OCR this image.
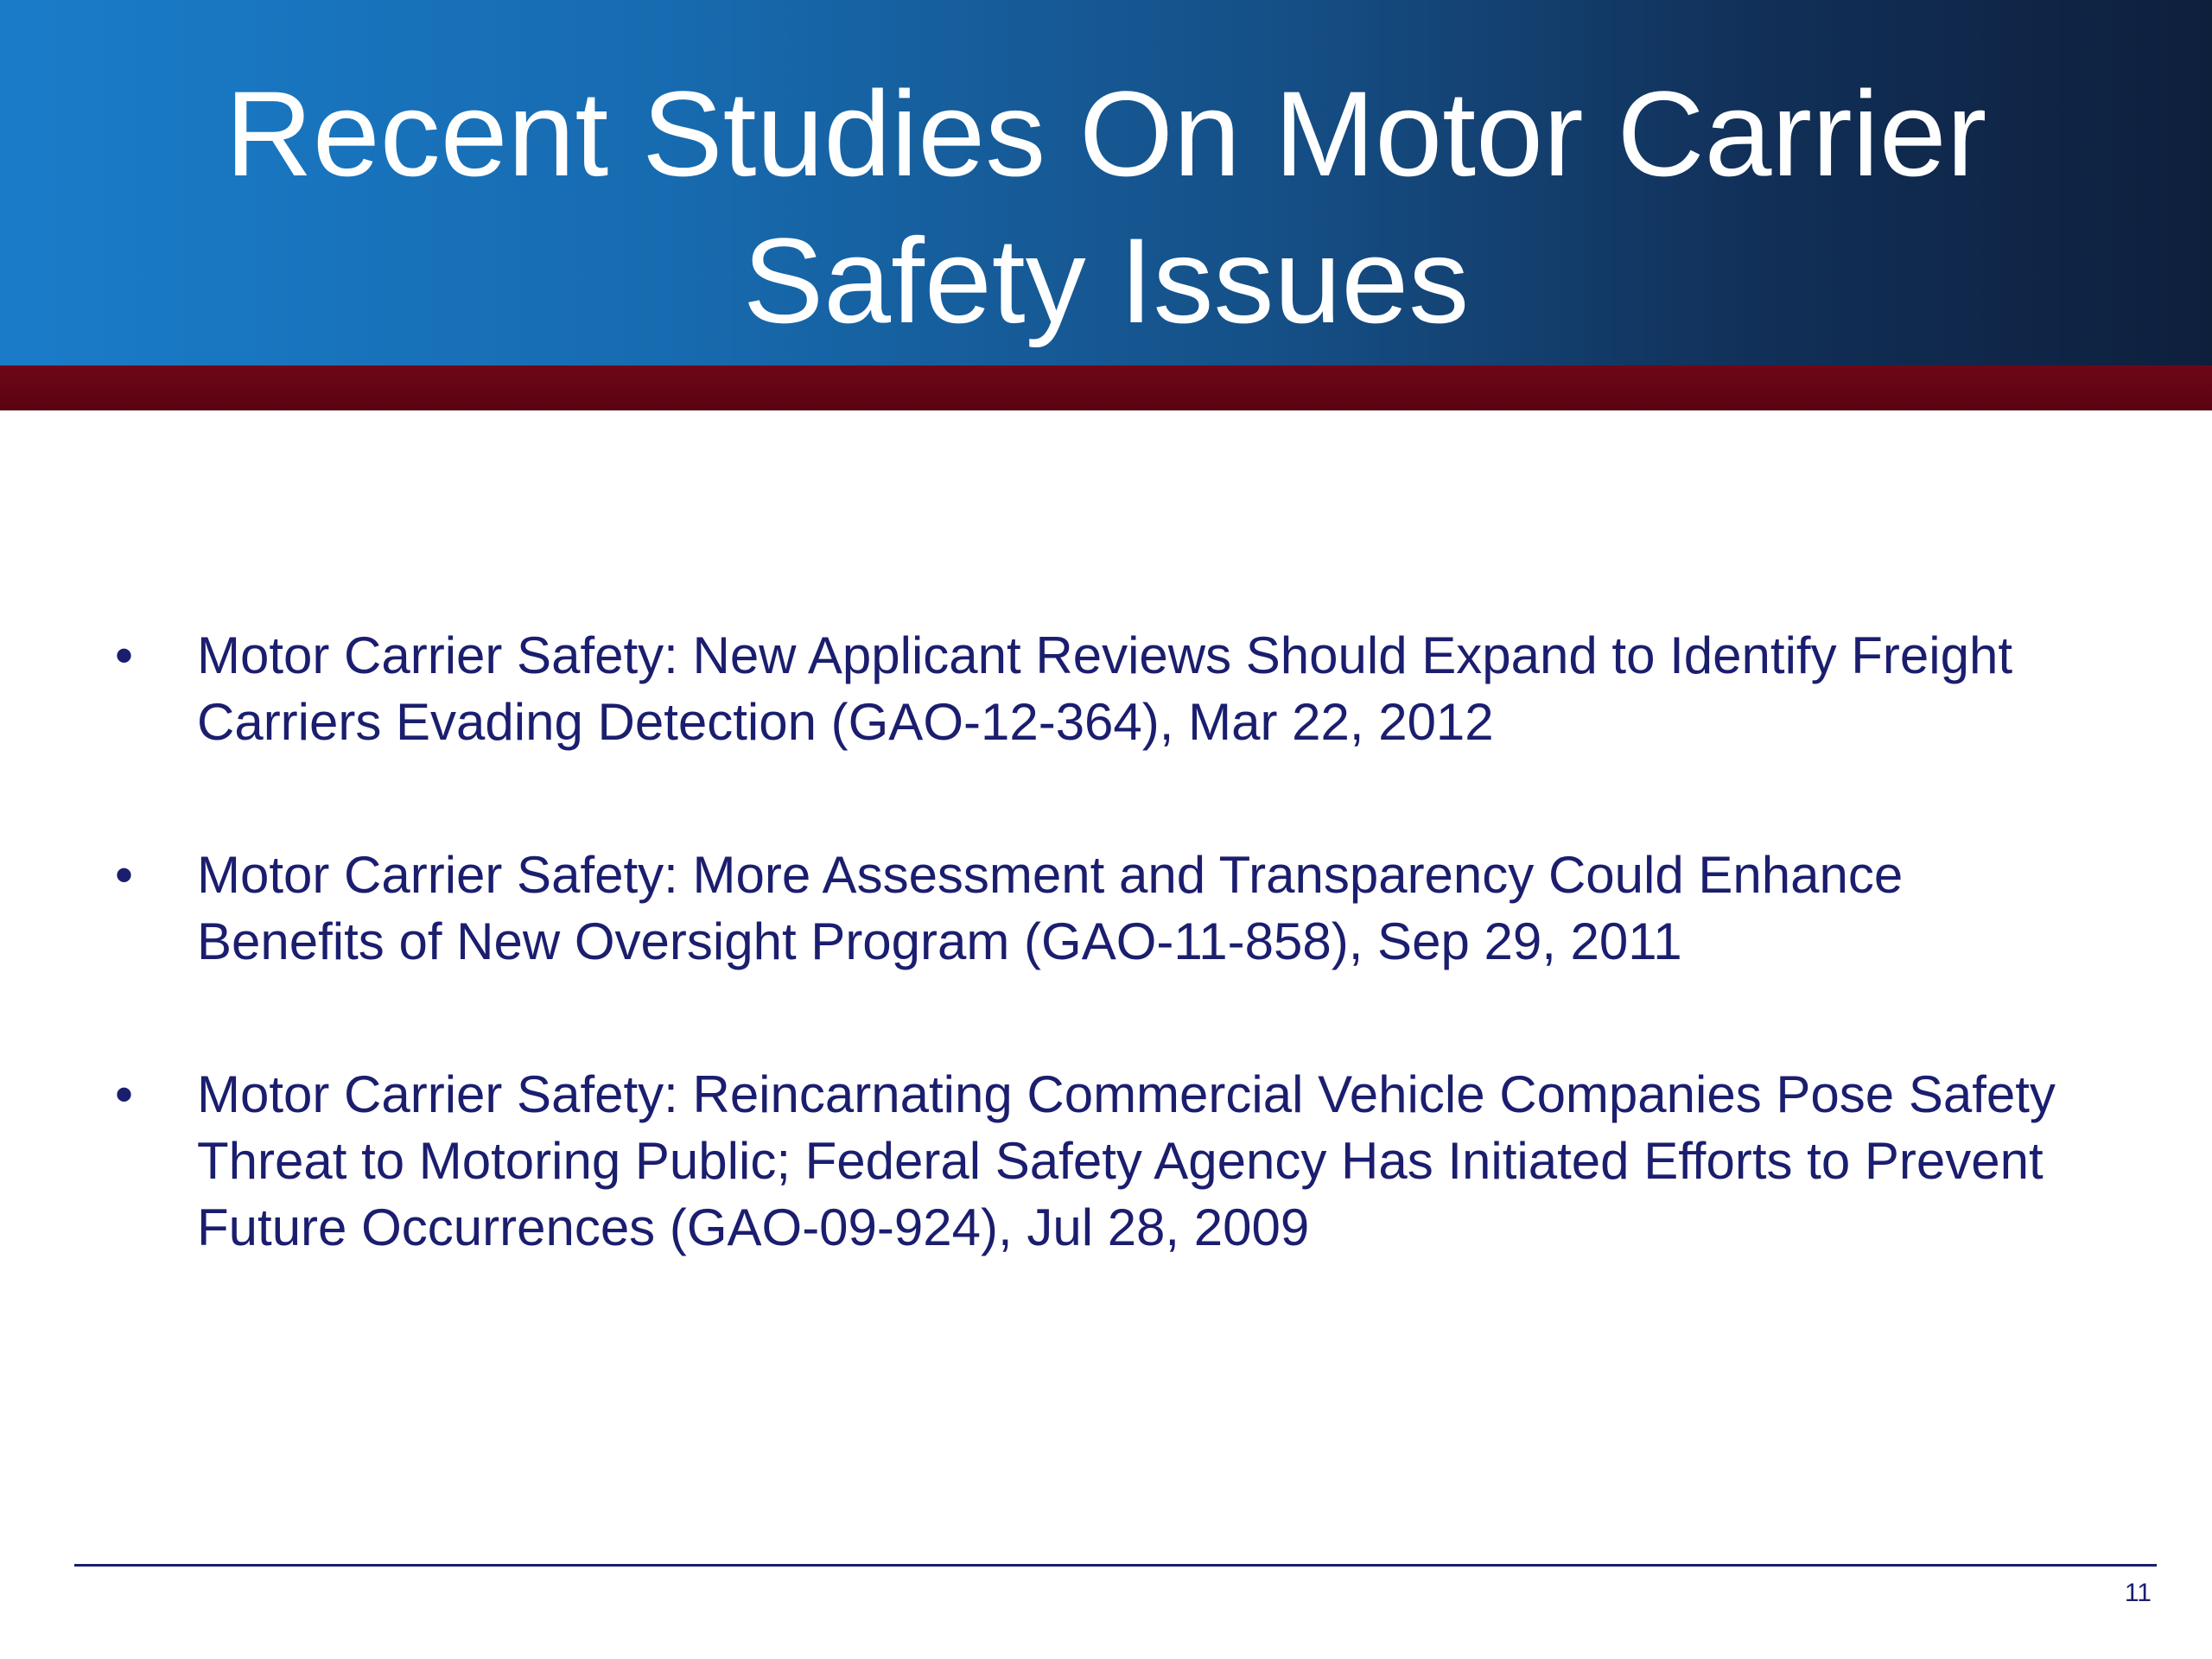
Recent Studies On Motor Carrier
Safety Issues
• Motor Carrier Safety: New Applicant Reviews Should Expand to Identify Freight Carriers Evading Detection (GAO-12-364), Mar 22, 2012
• Motor Carrier Safety: More Assessment and Transparency Could Enhance Benefits of New Oversight Program (GAO-11-858), Sep 29, 2011
• Motor Carrier Safety: Reincarnating Commercial Vehicle Companies Pose Safety Threat to Motoring Public; Federal Safety Agency Has Initiated Efforts to Prevent Future Occurrences (GAO-09-924), Jul 28, 2009
11
